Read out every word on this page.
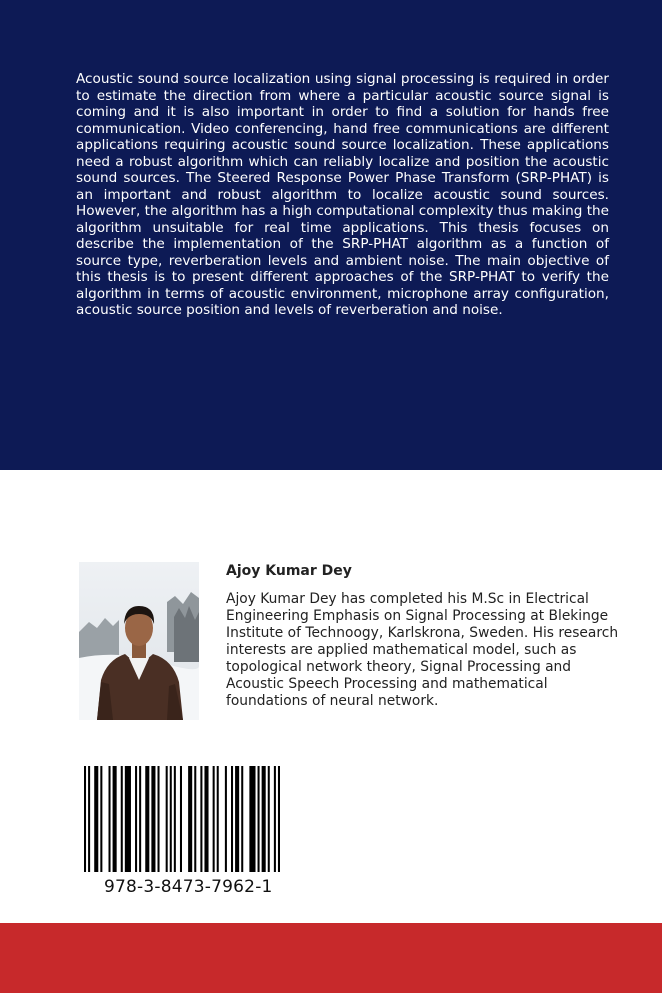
Acoustic sound source localization using signal processing is required in order to estimate the direction from where a particular acoustic source signal is coming and it is also important in order to find a solution for hands free communication. Video conferencing, hand free communications are different applications requiring acoustic sound source localization. These applications need a robust algorithm which can reliably localize and position the acoustic sound sources. The Steered Response Power Phase Transform (SRP-PHAT) is an important and robust algorithm to localize acoustic sound sources. However, the algorithm has a high computational complexity thus making the algorithm unsuitable for real time applications. This thesis focuses on describe the implementation of the SRP-PHAT algorithm as a function of source type, reverberation levels and ambient noise. The main objective of this thesis is to present different approaches of the SRP-PHAT to verify the algorithm in terms of acoustic environment, microphone array configuration, acoustic source position and levels of reverberation and noise.

Ajoy Kumar Dey

Ajoy Kumar Dey has completed his M.Sc in Electrical Engineering Emphasis on Signal Processing at Blekinge Institute of Technoogy, Karlskrona, Sweden. His research interests are applied mathematical model, such as topological network theory, Signal Processing and Acoustic Speech Processing and mathematical foundations of neural network.

978-3-8473-7962-1
